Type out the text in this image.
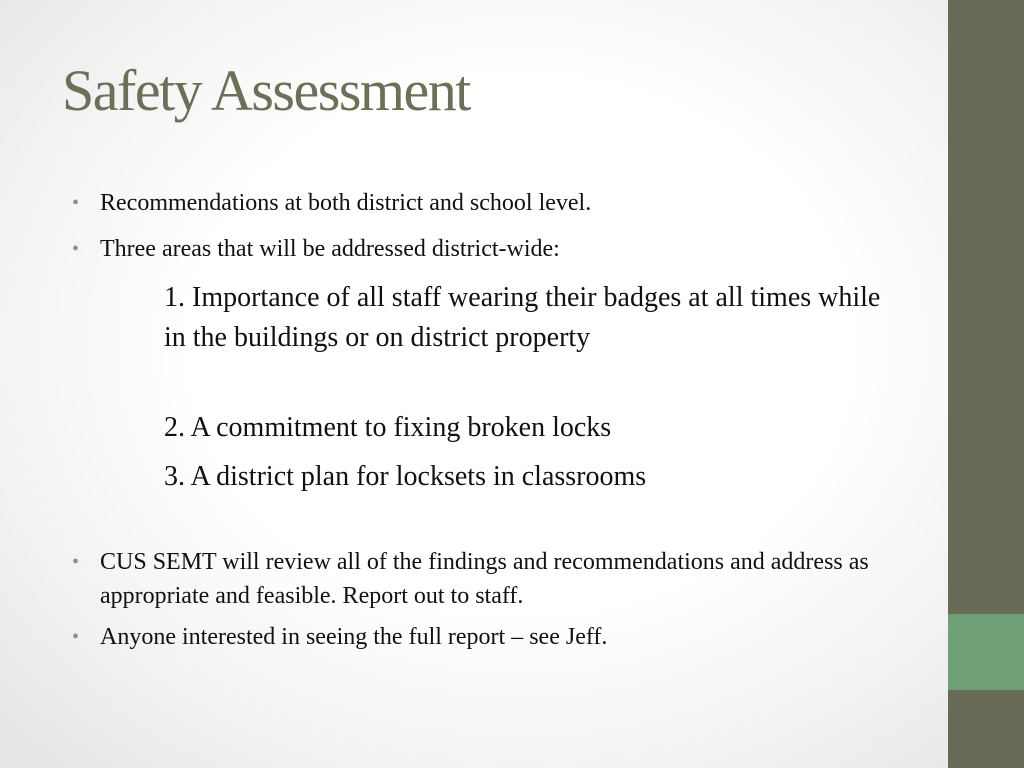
Safety Assessment
• Recommendations at both district and school level.
• Three areas that will be addressed district-wide:
1. Importance of all staff wearing their badges at all times while in the buildings or on district property
2. A commitment to fixing broken locks
3. A district plan for locksets in classrooms
• CUS SEMT will review all of the findings and recommendations and address as appropriate and feasible. Report out to staff.
• Anyone interested in seeing the full report – see Jeff.
